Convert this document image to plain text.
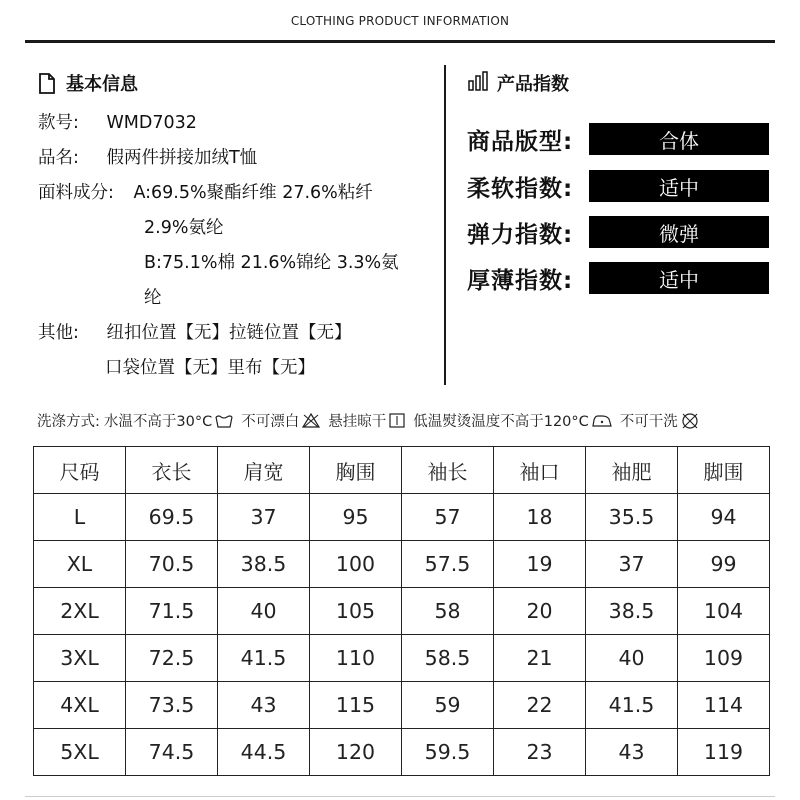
CLOTHING PRODUCT INFORMATION
基本信息
款号: WMD7032
品名: 假两件拼接加绒T恤
面料成分: A:69.5%聚酯纤维 27.6%粘纤
2.9%氨纶
B:75.1%棉 21.6%锦纶 3.3%氨
纶
其他: 纽扣位置【无】拉链位置【无】
口袋位置【无】里布【无】
产品指数
商品版型:	合体
柔软指数:	适中
弹力指数:	微弹
厚薄指数:	适中
洗涤方式: 水温不高于30°C 不可漂白 悬挂晾干 低温熨烫温度不高于120°C 不可干洗
尺码	衣长	肩宽	胸围	袖长	袖口	袖肥	脚围
L	69.5	37	95	57	18	35.5	94
XL	70.5	38.5	100	57.5	19	37	99
2XL	71.5	40	105	58	20	38.5	104
3XL	72.5	41.5	110	58.5	21	40	109
4XL	73.5	43	115	59	22	41.5	114
5XL	74.5	44.5	120	59.5	23	43	119
